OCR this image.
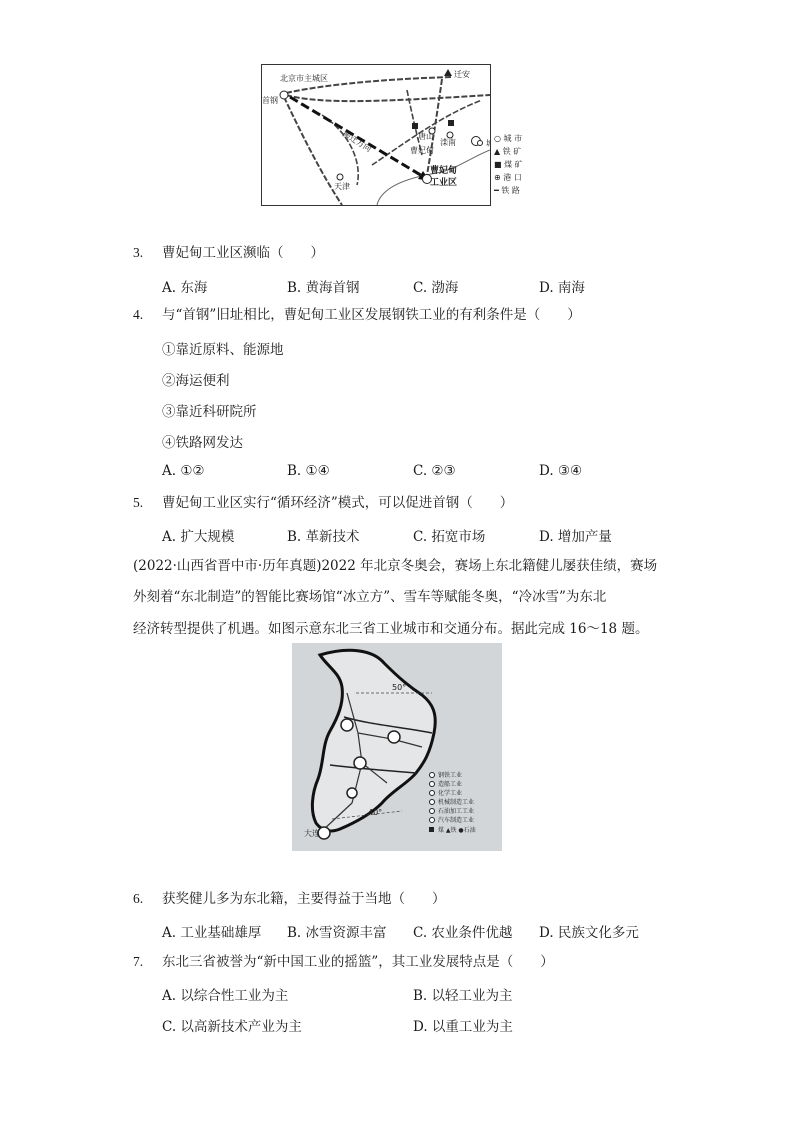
北京市主城区
首钢
迁安
唐山
滦南
曹妃甸
天津
曹妃甸
工业区
搬迁方向	○ 城 市
▲ 铁 矿
■ 煤 矿
⊕ 港 口
━ 铁 路
3. 曹妃甸工业区濒临（　　）
A. 东海	B. 黄海首钢	C. 渤海	D. 南海
4. 与“首钢”旧址相比，曹妃甸工业区发展钢铁工业的有利条件是（　　）
①靠近原料、能源地
②海运便利
③靠近科研院所
④铁路网发达
A. ①②	B. ①④	C. ②③	D. ③④
5. 曹妃甸工业区实行“循环经济”模式，可以促进首钢（　　）
A. 扩大规模	B. 革新技术	C. 拓宽市场	D. 增加产量
(2022·山西省晋中市·历年真题)2022 年北京冬奥会，赛场上东北籍健儿屡获佳绩，赛场
外刻着“东北制造”的智能比赛场馆“冰立方”、雪车等赋能冬奥，“冷冰雪”为东北
经济转型提供了机遇。如图示意东北三省工业城市和交通分布。据此完成 16～18 题。
50°
40°
大连
钢铁工业
造船工业
化学工业
机械制造工业
石油加工工业
汽车制造工业
煤 ▲铁 ●石油
6. 获奖健儿多为东北籍，主要得益于当地（　　）
A. 工业基础雄厚 B. 冰雪资源丰富 C. 农业条件优越 D. 民族文化多元
7. 东北三省被誉为“新中国工业的摇篮”，其工业发展特点是（　　）
A. 以综合性工业为主	B. 以轻工业为主
C. 以高新技术产业为主	D. 以重工业为主
